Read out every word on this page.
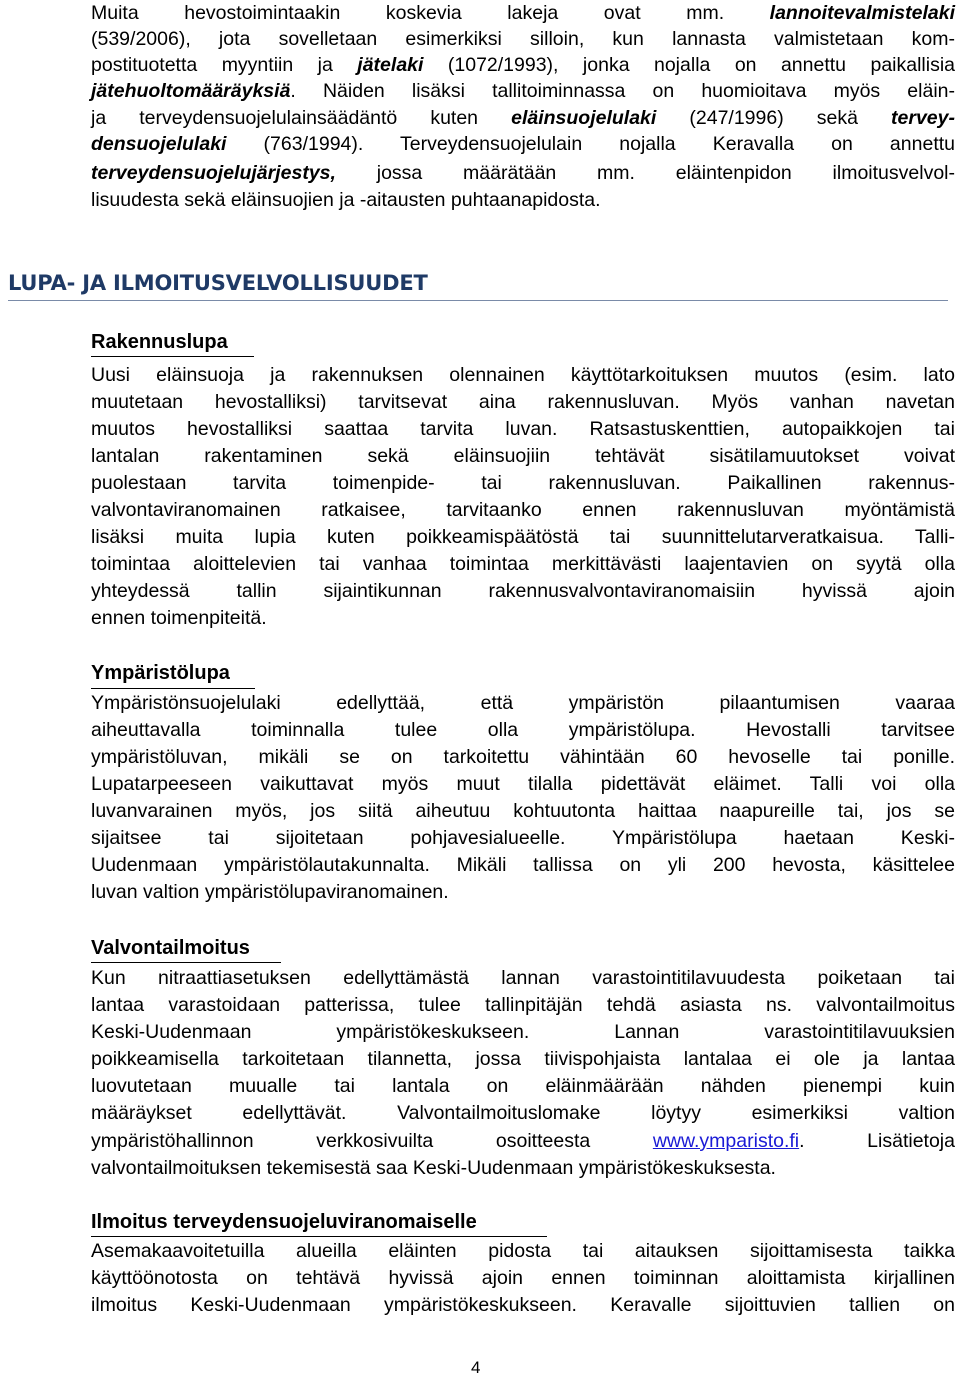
Muita hevostoimintaakin koskevia lakeja ovat mm. lannoitevalmistelaki
(539/2006), jota sovelletaan esimerkiksi silloin, kun lannasta valmistetaan kom-
postituotetta myyntiin ja jätelaki (1072/1993), jonka nojalla on annettu paikallisia
jätehuoltomääräyksiä. Näiden lisäksi tallitoiminnassa on huomioitava myös eläin-
ja terveydensuojelulainsäädäntö kuten eläinsuojelulaki (247/1996) sekä tervey-
densuojelulaki (763/1994). Terveydensuojelulain nojalla Keravalla on annettu
terveydensuojelujärjestys, jossa määrätään mm. eläintenpidon ilmoitusvelvol-
lisuudesta sekä eläinsuojien ja -aitausten puhtaanapidosta.
LUPA- JA ILMOITUSVELVOLLISUUDET
Rakennuslupa
Uusi eläinsuoja ja rakennuksen olennainen käyttötarkoituksen muutos (esim. lato
muutetaan hevostalliksi) tarvitsevat aina rakennusluvan. Myös vanhan navetan
muutos hevostalliksi saattaa tarvita luvan. Ratsastuskenttien, autopaikkojen tai
lantalan rakentaminen sekä eläinsuojiin tehtävät sisätilamuutokset voivat
puolestaan tarvita toimenpide- tai rakennusluvan. Paikallinen rakennus-
valvontaviranomainen ratkaisee, tarvitaanko ennen rakennusluvan myöntämistä
lisäksi muita lupia kuten poikkeamispäätöstä tai suunnittelutarveratkaisua. Talli-
toimintaa aloittelevien tai vanhaa toimintaa merkittävästi laajentavien on syytä olla
yhteydessä tallin sijaintikunnan rakennusvalvontaviranomaisiin hyvissä ajoin
ennen toimenpiteitä.
Ympäristölupa
Ympäristönsuojelulaki edellyttää, että ympäristön pilaantumisen vaaraa
aiheuttavalla toiminnalla tulee olla ympäristölupa. Hevostalli tarvitsee
ympäristöluvan, mikäli se on tarkoitettu vähintään 60 hevoselle tai ponille.
Lupatarpeeseen vaikuttavat myös muut tilalla pidettävät eläimet. Talli voi olla
luvanvarainen myös, jos siitä aiheutuu kohtuutonta haittaa naapureille tai, jos se
sijaitsee tai sijoitetaan pohjavesialueelle. Ympäristölupa haetaan Keski-
Uudenmaan ympäristölautakunnalta. Mikäli tallissa on yli 200 hevosta, käsittelee
luvan valtion ympäristölupaviranomainen.
Valvontailmoitus
Kun nitraattiasetuksen edellyttämästä lannan varastointitilavuudesta poiketaan tai
lantaa varastoidaan patterissa, tulee tallinpitäjän tehdä asiasta ns. valvontailmoitus
Keski-Uudenmaan ympäristökeskukseen. Lannan varastointitilavuuksien
poikkeamisella tarkoitetaan tilannetta, jossa tiivispohjaista lantalaa ei ole ja lantaa
luovutetaan muualle tai lantala on eläinmäärään nähden pienempi kuin
määräykset edellyttävät. Valvontailmoituslomake löytyy esimerkiksi valtion
ympäristöhallinnon verkkosivuilta osoitteesta www.ymparisto.fi. Lisätietoja
valvontailmoituksen tekemisestä saa Keski-Uudenmaan ympäristökeskuksesta.
Ilmoitus terveydensuojeluviranomaiselle
Asemakaavoitetuilla alueilla eläinten pidosta tai aitauksen sijoittamisesta taikka
käyttöönotosta on tehtävä hyvissä ajoin ennen toiminnan aloittamista kirjallinen
ilmoitus Keski-Uudenmaan ympäristökeskukseen. Keravalle sijoittuvien tallien on
4
